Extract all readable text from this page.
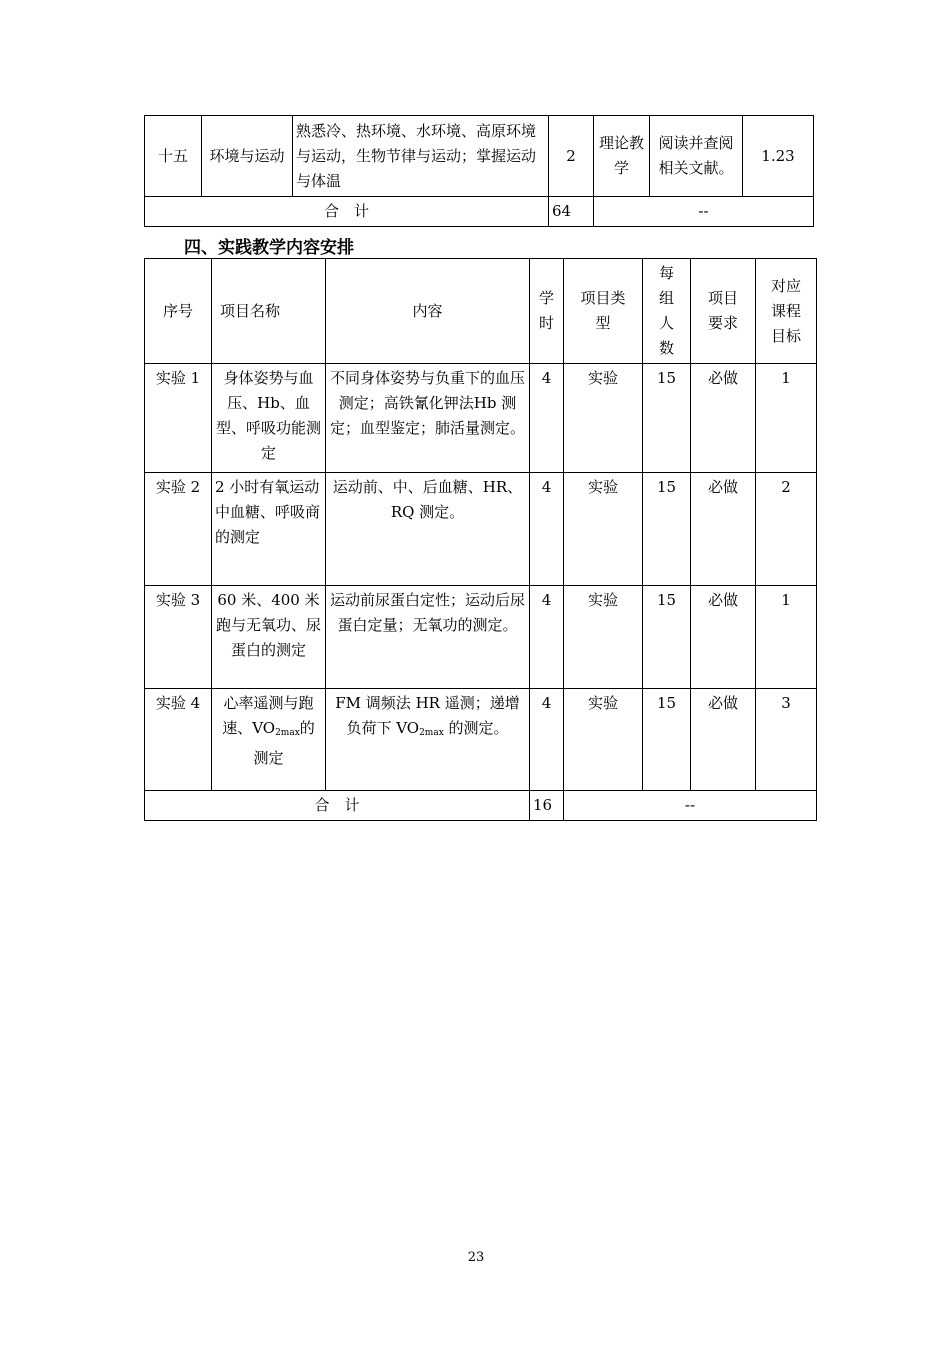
十五	环境与运动	熟悉冷、热环境、水环境、高原环境与运动，生物节律与运动；掌握运动与体温	2	理论教学	阅读并查阅相关文献。	1.23
合　计			64	--		
四、实践教学内容安排
序号	项目名称	内容	学时	项目类型	每组人数	项目要求	对应课程目标
实验 1	身体姿势与血压、Hb、血型、呼吸功能测定	不同身体姿势与负重下的血压测定；高铁氰化钾法Hb 测定；血型鉴定；肺活量测定。	4	实验	15	必做	1
实验 2	2 小时有氧运动中血糖、呼吸商的测定	运动前、中、后血糖、HR、RQ 测定。	4	实验	15	必做	2
实验 3	60 米、400 米跑与无氧功、尿蛋白的测定	运动前尿蛋白定性；运动后尿蛋白定量；无氧功的测定。	4	实验	15	必做	1
实验 4	心率遥测与跑速、$VO_{2max}$的测定	FM 调频法 HR 遥测；递增负荷下 $VO_{2max}$ 的测定。	4	实验	15	必做	3
合　计			16	--			
23
